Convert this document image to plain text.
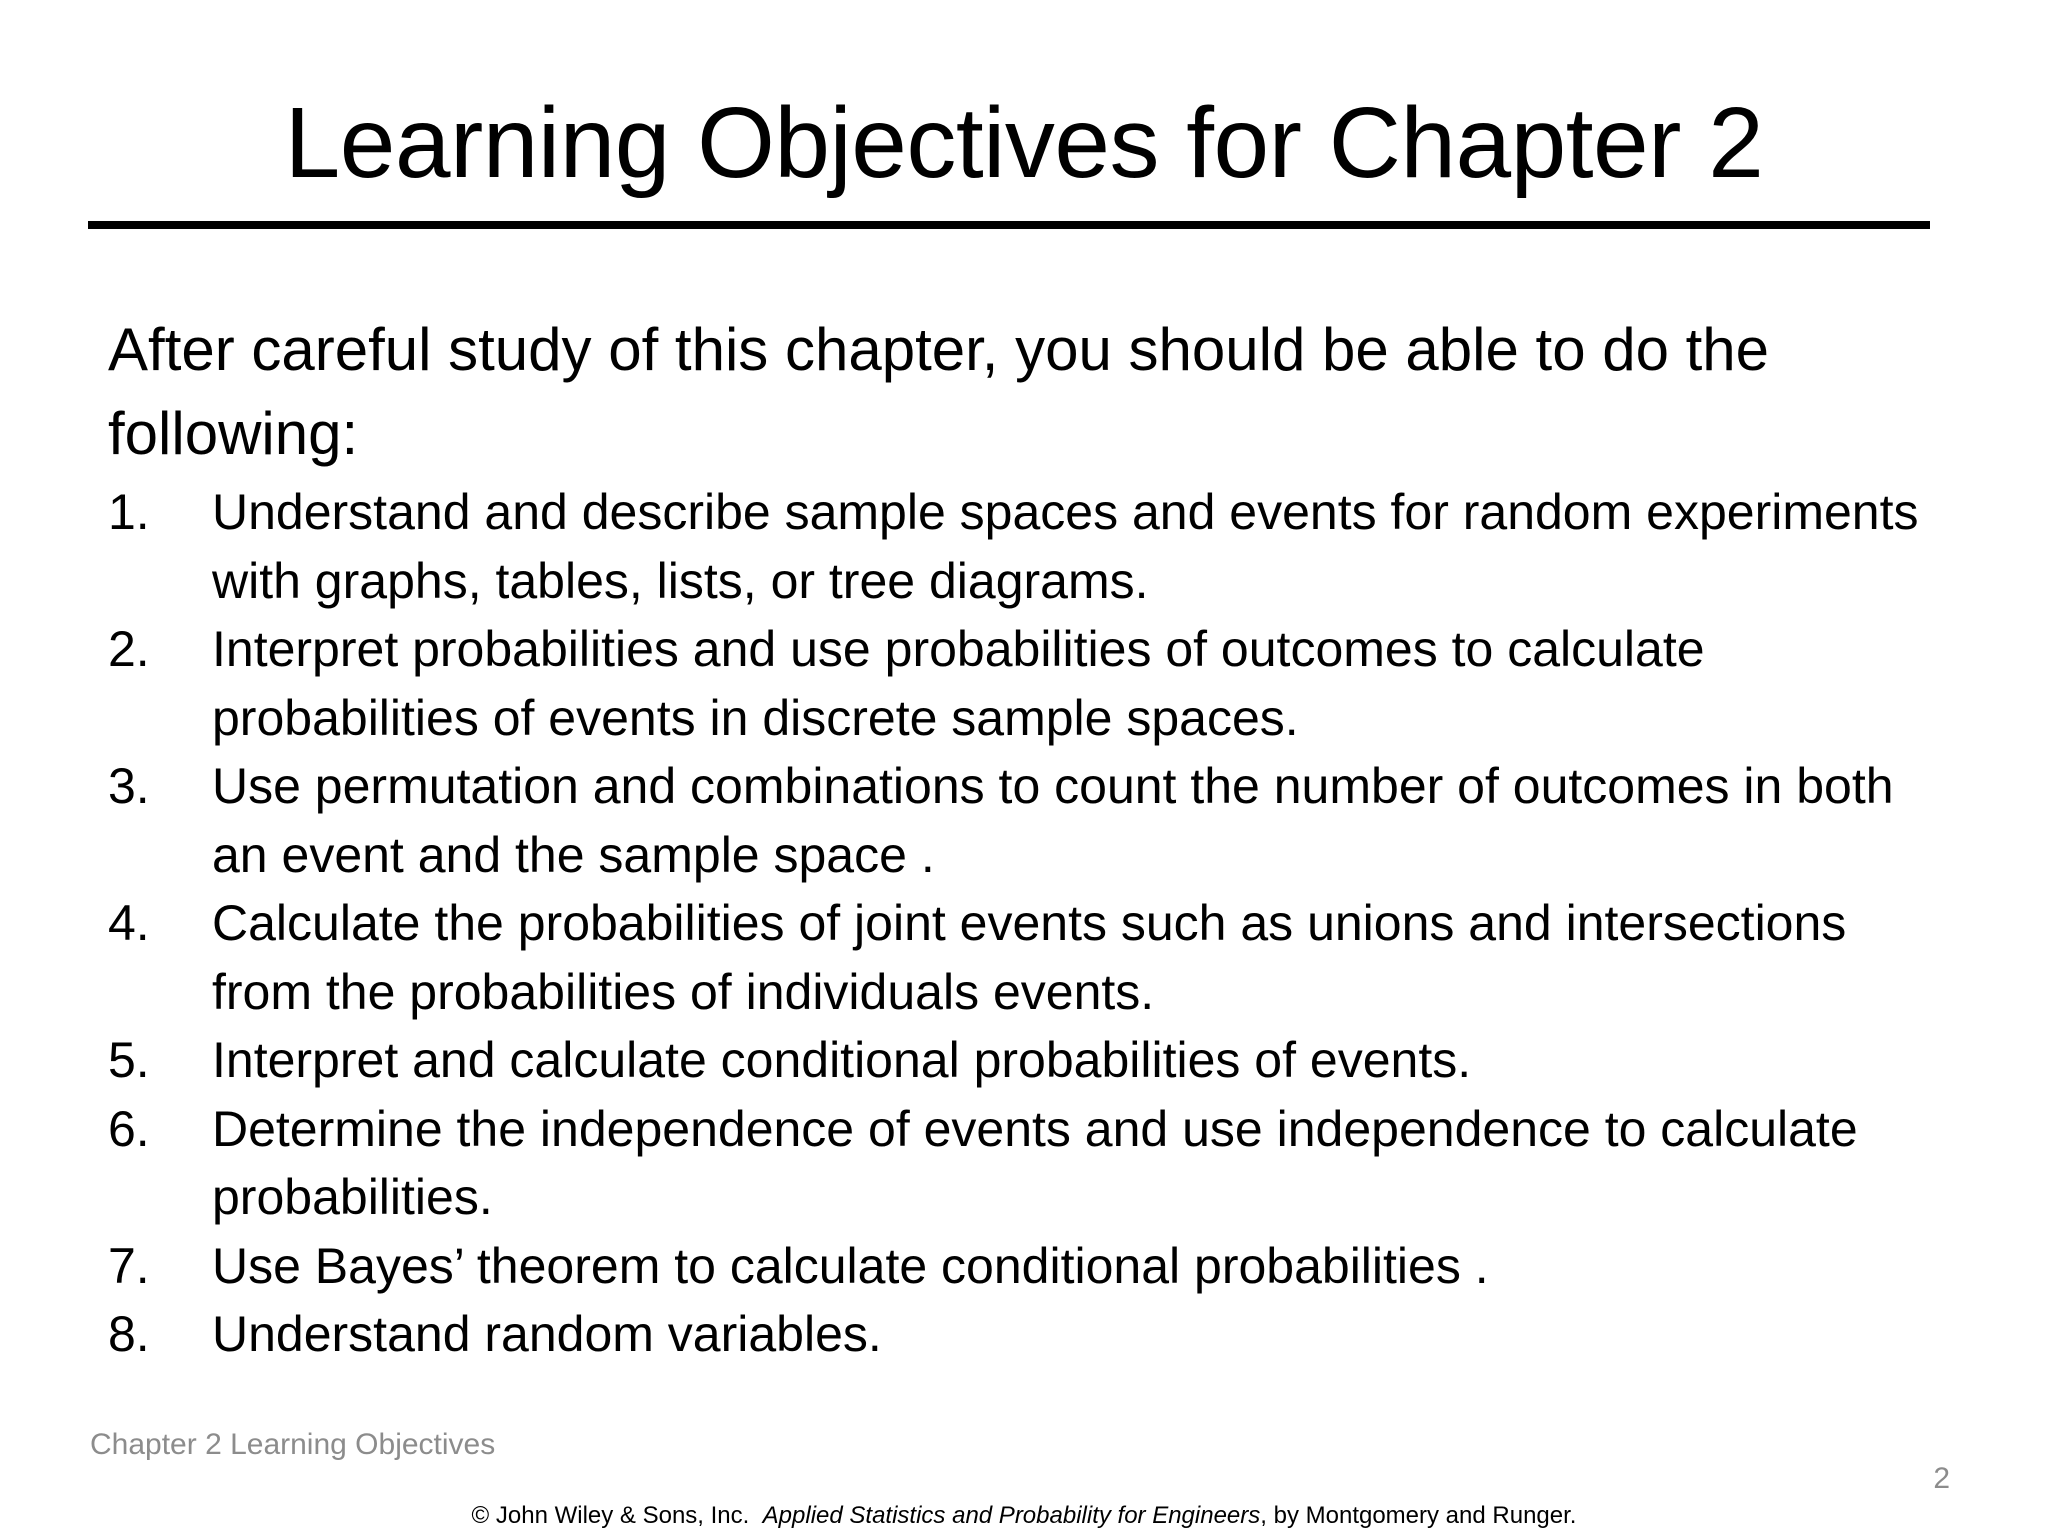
Learning Objectives for Chapter 2

After careful study of this chapter, you should be able to do the following:

1. Understand and describe sample spaces and events for random experiments with graphs, tables, lists, or tree diagrams.
2. Interpret probabilities and use probabilities of outcomes to calculate probabilities of events in discrete sample spaces.
3. Use permutation and combinations to count the number of outcomes in both an event and the sample space .
4. Calculate the probabilities of joint events such as unions and intersections from the probabilities of individuals events.
5. Interpret and calculate conditional probabilities of events.
6. Determine the independence of events and use independence to calculate probabilities.
7. Use Bayes’ theorem to calculate conditional probabilities .
8. Understand random variables.
Chapter 2 Learning Objectives
2
© John Wiley & Sons, Inc.  Applied Statistics and Probability for Engineers, by Montgomery and Runger.
